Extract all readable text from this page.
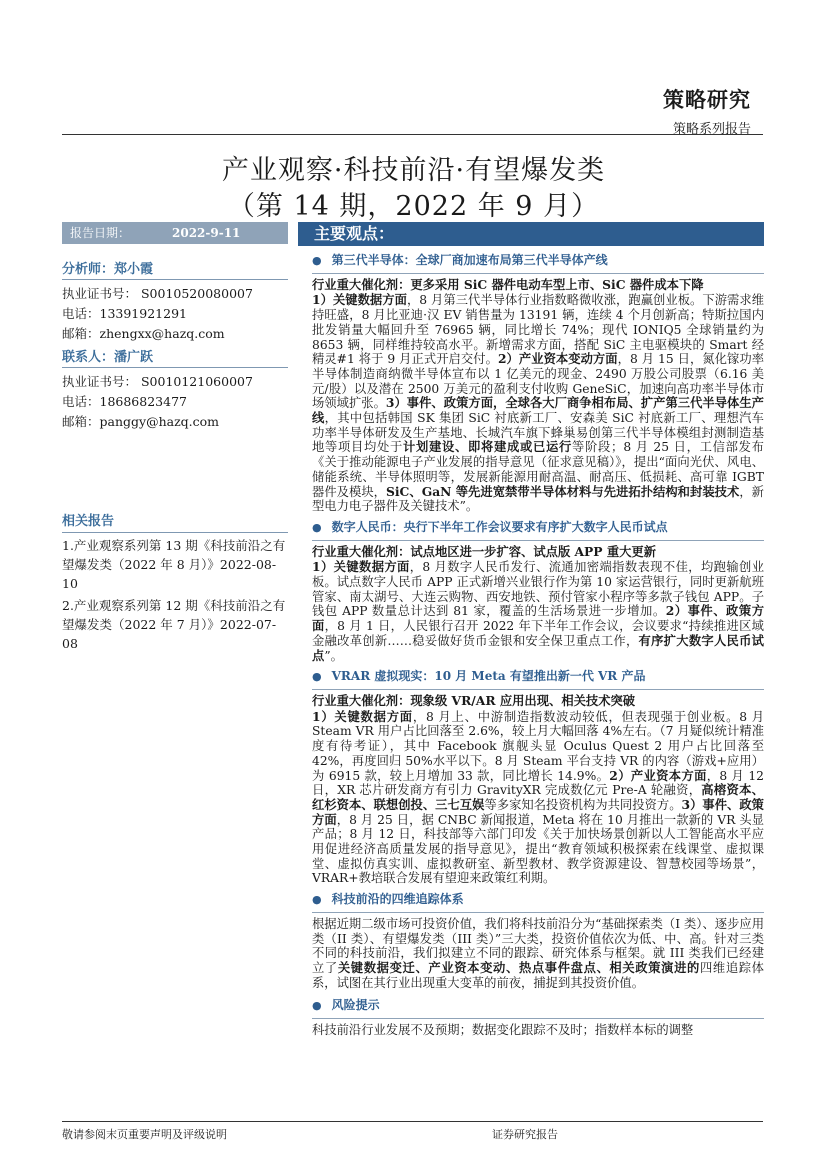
策略研究
策略系列报告
产业观察·科技前沿·有望爆发类
（第 14 期，2022 年 9 月）
报告日期：	2022-9-11	主要观点：
分析师：郑小霞
执业证书号： S0010520080007
电话：13391921291
邮箱：zhengxx@hazq.com
联系人：潘广跃
执业证书号： S0010121060007
电话：18686823477
邮箱：panggy@hazq.com
相关报告
1.产业观察系列第 13 期《科技前沿之有望爆发类（2022 年 8 月）》2022-08-10
2.产业观察系列第 12 期《科技前沿之有望爆发类（2022 年 7 月）》2022-07-08
● 第三代半导体：全球厂商加速布局第三代半导体产线
行业重大催化剂：更多采用 SiC 器件电动车型上市、SiC 器件成本下降

1）关键数据方面，8 月第三代半导体行业指数略微收涨，跑赢创业板。下游需求维持旺盛，8 月比亚迪·汉 EV 销售量为 13191 辆，连续 4 个月创新高；特斯拉国内批发销量大幅回升至 76965 辆，同比增长 74%；现代 IONIQ5 全球销量约为 8653 辆，同样维持较高水平。新增需求方面，搭配 SiC 主电驱模块的 Smart 经精灵#1 将于 9 月正式开启交付。2）产业资本变动方面，8 月 15 日，氮化镓功率半导体制造商纳微半导体宣布以 1 亿美元的现金、2490 万股公司股票（6.16 美元/股）以及潜在 2500 万美元的盈利支付收购 GeneSiC，加速向高功率半导体市场领域扩张。3）事件、政策方面，全球各大厂商争相布局、扩产第三代半导体生产线，其中包括韩国 SK 集团 SiC 衬底新工厂、安森美 SiC 衬底新工厂、理想汽车功率半导体研发及生产基地、长城汽车旗下蜂巢易创第三代半导体模组封测制造基地等项目均处于计划建设、即将建成或已运行等阶段；8 月 25 日，工信部发布《关于推动能源电子产业发展的指导意见（征求意见稿）》，提出“面向光伏、风电、储能系统、半导体照明等，发展新能源用耐高温、耐高压、低损耗、高可靠 IGBT 器件及模块，SiC、GaN 等先进宽禁带半导体材料与先进拓扑结构和封装技术，新型电力电子器件及关键技术”。

● 数字人民币：央行下半年工作会议要求有序扩大数字人民币试点
行业重大催化剂：试点地区进一步扩容、试点版 APP 重大更新

1）关键数据方面，8 月数字人民币发行、流通加密端指数表现不佳，均跑输创业板。试点数字人民币 APP 正式新增兴业银行作为第 10 家运营银行，同时更新航班管家、南太湖号、大连云购物、西安地铁、预付管家小程序等多款子钱包 APP。子钱包 APP 数量总计达到 81 家，覆盖的生活场景进一步增加。2）事件、政策方面，8 月 1 日，人民银行召开 2022 年下半年工作会议，会议要求“持续推进区域金融改革创新……稳妥做好货币金银和安全保卫重点工作，有序扩大数字人民币试点”。

● VRAR 虚拟现实：10 月 Meta 有望推出新一代 VR 产品
行业重大催化剂：现象级 VR/AR 应用出现、相关技术突破

1）关键数据方面，8 月上、中游制造指数波动较低，但表现强于创业板。8 月 Steam VR 用户占比回落至 2.6%，较上月大幅回落 4%左右。（7 月疑似统计精准度有待考证），其中 Facebook 旗舰头显 Oculus Quest 2 用户占比回落至 42%，再度回归 50%水平以下。8 月 Steam 平台支持 VR 的内容（游戏+应用）为 6915 款，较上月增加 33 款，同比增长 14.9%。2）产业资本方面，8 月 12 日，XR 芯片研发商方有引力 GravityXR 完成数亿元 Pre-A 轮融资，高榕资本、红杉资本、联想创投、三七互娱等多家知名投资机构为共同投资方。3）事件、政策方面，8 月 25 日，据 CNBC 新闻报道，Meta 将在 10 月推出一款新的 VR 头显产品；8 月 12 日，科技部等六部门印发《关于加快场景创新以人工智能高水平应用促进经济高质量发展的指导意见》，提出“教育领域积极探索在线课堂、虚拟课堂、虚拟仿真实训、虚拟教研室、新型教材、教学资源建设、智慧校园等场景”，VRAR+教培联合发展有望迎来政策红利期。

● 科技前沿的四维追踪体系

根据近期二级市场可投资价值，我们将科技前沿分为“基础探索类（I 类）、逐步应用类（II 类）、有望爆发类（III 类）”三大类，投资价值依次为低、中、高。针对三类不同的科技前沿，我们拟建立不同的跟踪、研究体系与框架。就 III 类我们已经建立了关键数据变迁、产业资本变动、热点事件盘点、相关政策演进的四维追踪体系，试图在其行业出现重大变革的前夜，捕捉到其投资价值。

● 风险提示

科技前沿行业发展不及预期；数据变化跟踪不及时；指数样本标的调整

敬请参阅末页重要声明及评级说明	证券研究报告
